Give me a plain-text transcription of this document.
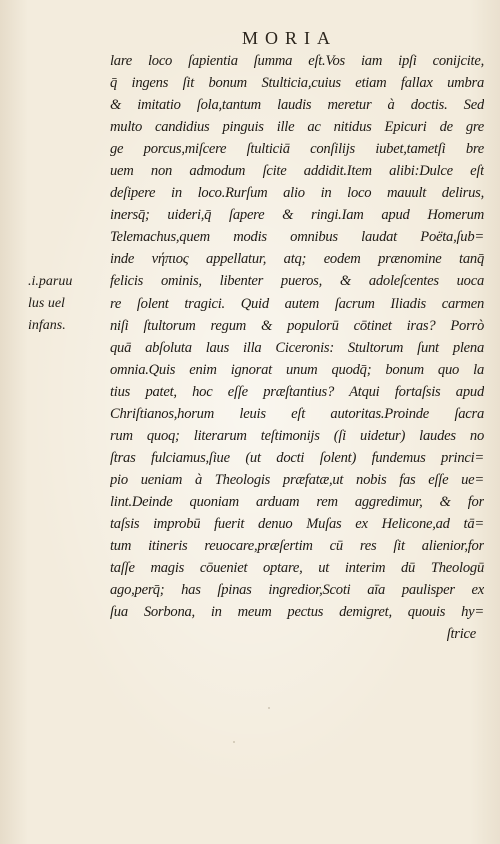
MORIA
.i.paruu
lus uel
infans.
lare loco ſapientia ſumma eſt.Vos iam ipſi conijcite,
q̄ ingens ſit bonum Stulticia,cuius etiam fallax umbra
& imitatio ſola,tantum laudis meretur à doctis. Sed
multo candidius pinguis ille ac nitidus Epicuri de gre
ge porcus,miſcere ſtulticiā conſilijs iubet,tametſi bre
uem non admodum ſcite addidit.Item alibi:Dulce eſt
deſipere in loco.Rurſum alio in loco mauult delirus,
inersq̄; uideri,q̄ ſapere & ringi.Iam apud Homerum
Telemachus,quem modis omnibus laudat Poëta,ſub=
inde νήπιος appellatur, atq; eodem prænomine tanq̄
felicis ominis, libenter pueros, & adoleſcentes uoca
re ſolent tragici. Quid autem ſacrum Iliadis carmen
niſi ſtultorum regum & populorū cōtinet iras? Porrò
quā abſoluta laus illa Ciceronis: Stultorum ſunt plena
omnia.Quis enim ignorat unum quodq̄; bonum quo la
tius patet, hoc eſſe præſtantius? Atqui fortaſsis apud
Chriſtianos,horum leuis eſt autoritas.Proinde ſacra
rum quoq; literarum teſtimonijs (ſi uidetur) laudes no
ſtras fulciamus,ſiue (ut docti ſolent) fundemus princi=
pio ueniam à Theologis præfatæ,ut nobis fas eſſe ue=
lint.Deinde quoniam arduam rem aggredimur, & for
taſsis improbū fuerit denuo Muſas ex Helicone,ad tā=
tum itineris reuocare,præſertim cū res ſit alienior,for
taſſe magis cōueniet optare, ut interim dū Theologū
ago,perq̄; has ſpinas ingredior,Scoti aīa paulisper ex
ſua Sorbona, in meum pectus demigret, quouis hy=
ſtrice
